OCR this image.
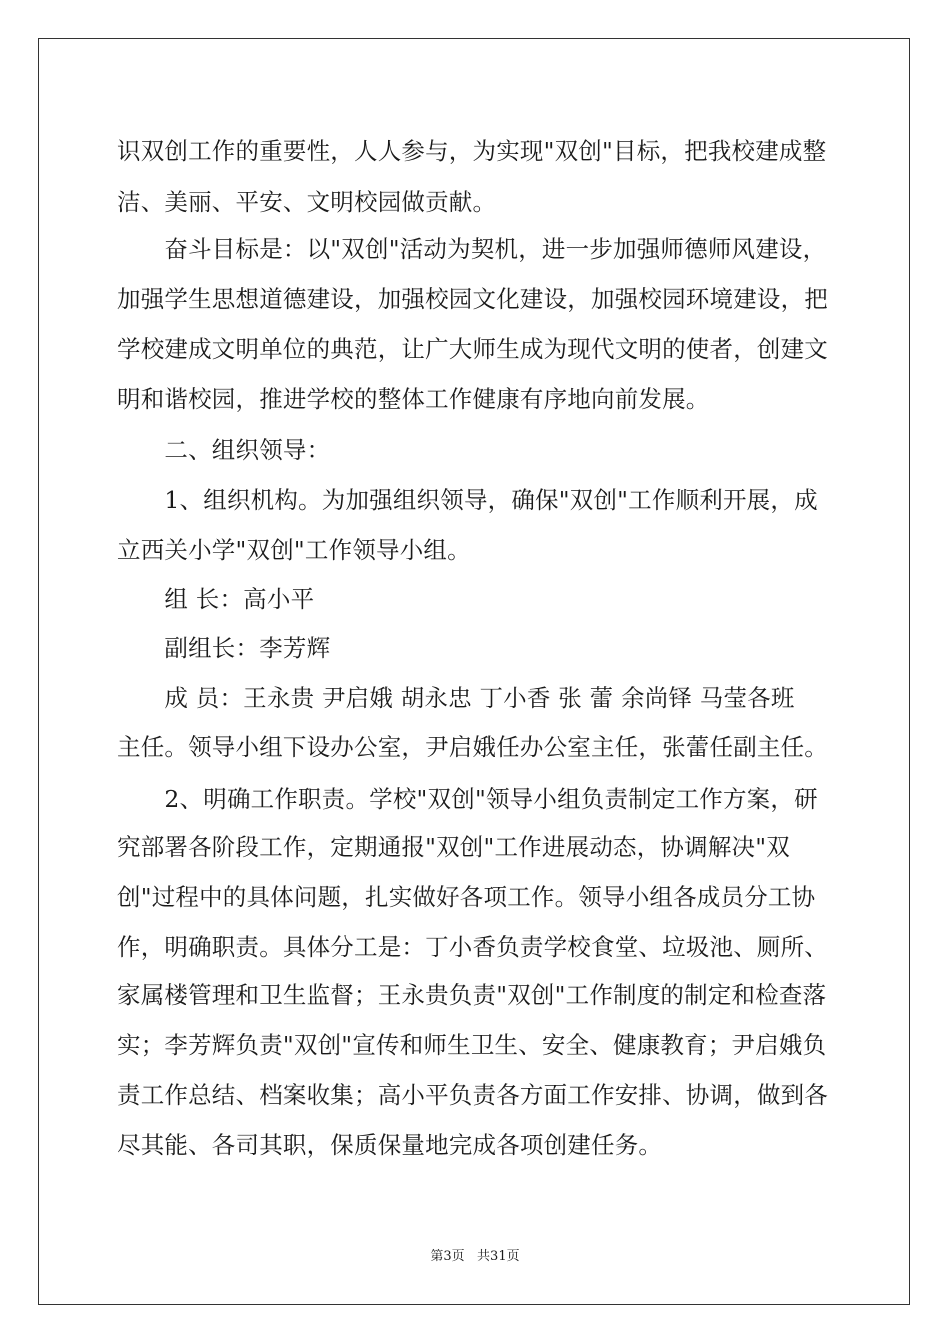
识双创工作的重要性，人人参与，为实现"双创"目标，把我校建成整
洁、美丽、平安、文明校园做贡献。
　　奋斗目标是：以"双创"活动为契机，进一步加强师德师风建设，
加强学生思想道德建设，加强校园文化建设，加强校园环境建设，把
学校建成文明单位的典范，让广大师生成为现代文明的使者，创建文
明和谐校园，推进学校的整体工作健康有序地向前发展。
　　二、组织领导：
　　1、组织机构。为加强组织领导，确保"双创"工作顺利开展，成
立西关小学"双创"工作领导小组。
　　组 长：高小平
　　副组长：李芳辉
　　成 员：王永贵 尹启娥 胡永忠 丁小香 张 蕾 余尚铎 马莹各班
主任。领导小组下设办公室，尹启娥任办公室主任，张蕾任副主任。
　　2、明确工作职责。学校"双创"领导小组负责制定工作方案，研
究部署各阶段工作，定期通报"双创"工作进展动态，协调解决"双
创"过程中的具体问题，扎实做好各项工作。领导小组各成员分工协
作，明确职责。具体分工是：丁小香负责学校食堂、垃圾池、厕所、
家属楼管理和卫生监督；王永贵负责"双创"工作制度的制定和检查落
实；李芳辉负责"双创"宣传和师生卫生、安全、健康教育；尹启娥负
责工作总结、档案收集；高小平负责各方面工作安排、协调，做到各
尽其能、各司其职，保质保量地完成各项创建任务。
第3页   共31页
